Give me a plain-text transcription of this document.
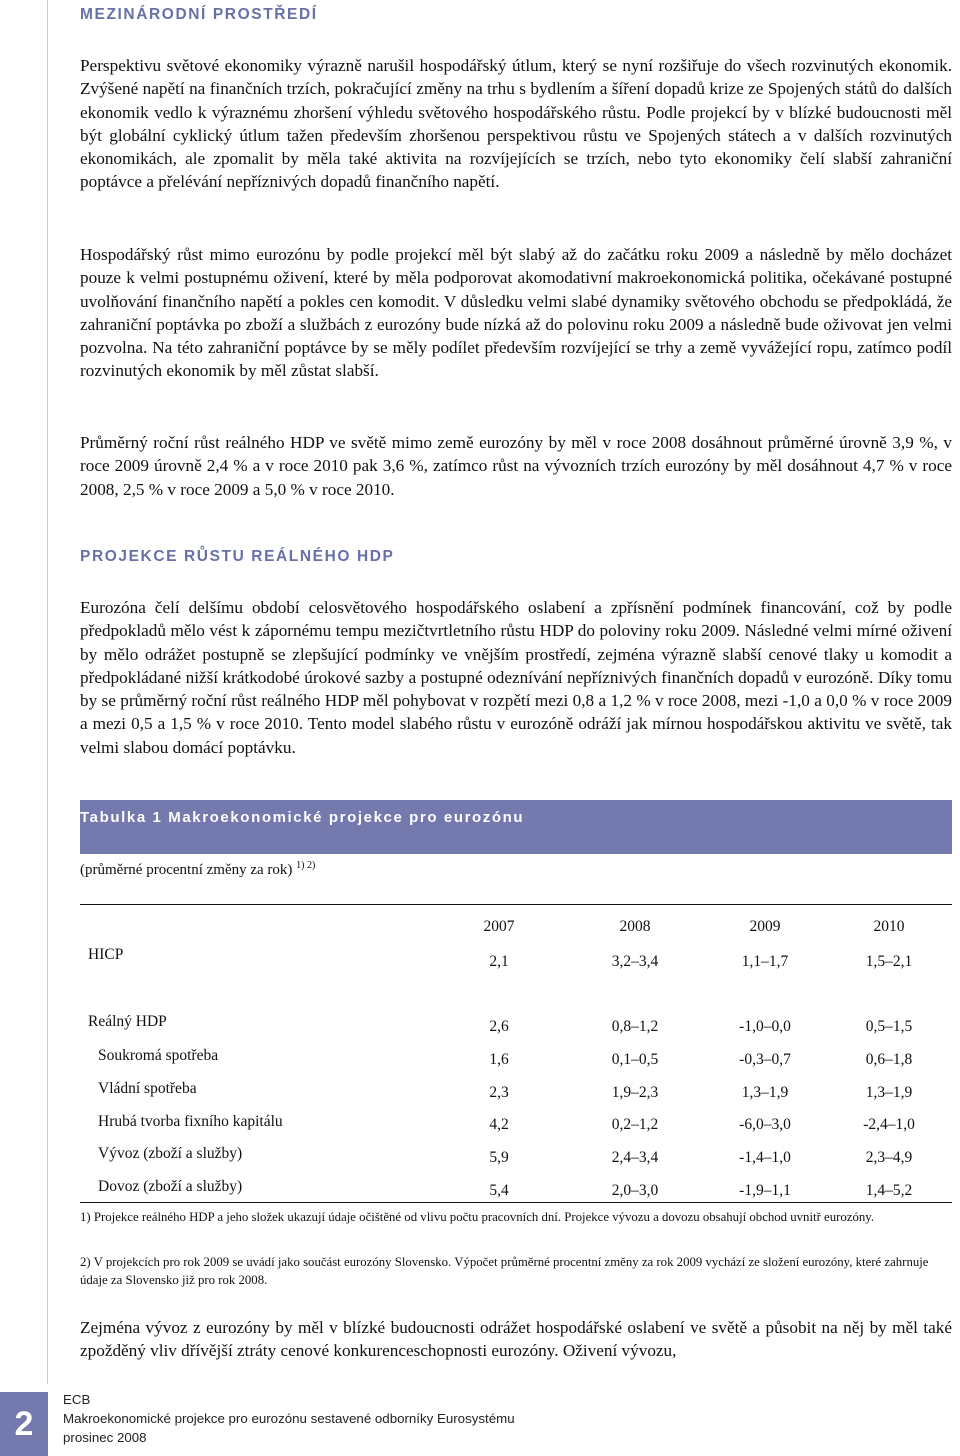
MEZINÁRODNÍ PROSTŘEDÍ

Perspektivu světové ekonomiky výrazně narušil hospodářský útlum, který se nyní rozšiřuje do všech rozvinutých ekonomik. Zvýšené napětí na finančních trzích, pokračující změny na trhu s bydlením a šíření dopadů krize ze Spojených států do dalších ekonomik vedlo k výraznému zhoršení výhledu světového hospodářského růstu. Podle projekcí by v blízké budoucnosti měl být globální cyklický útlum tažen především zhoršenou perspektivou růstu ve Spojených státech a v dalších rozvinutých ekonomikách, ale zpomalit by měla také aktivita na rozvíjejících se trzích, nebo tyto ekonomiky čelí slabší zahraniční poptávce a přelévání nepříznivých dopadů finančního napětí.

Hospodářský růst mimo eurozónu by podle projekcí měl být slabý až do začátku roku 2009 a následně by mělo docházet pouze k velmi postupnému oživení, které by měla podporovat akomodativní makroekonomická politika, očekávané postupné uvolňování finančního napětí a pokles cen komodit. V důsledku velmi slabé dynamiky světového obchodu se předpokládá, že zahraniční poptávka po zboží a službách z eurozóny bude nízká až do polovinu roku 2009 a následně bude oživovat jen velmi pozvolna. Na této zahraniční poptávce by se měly podílet především rozvíjející se trhy a země vyvážející ropu, zatímco podíl rozvinutých ekonomik by měl zůstat slabší.

Průměrný roční růst reálného HDP ve světě mimo země eurozóny by měl v roce 2008 dosáhnout průměrné úrovně 3,9 %, v roce 2009 úrovně 2,4 % a v roce 2010 pak 3,6 %, zatímco růst na vývozních trzích eurozóny by měl dosáhnout 4,7 % v roce 2008, 2,5 % v roce 2009 a 5,0 % v roce 2010.

PROJEKCE RŮSTU REÁLNÉHO HDP

Eurozóna čelí delšímu období celosvětového hospodářského oslabení a zpřísnění podmínek financování, což by podle předpokladů mělo vést k zápornému tempu mezičtvrtletního růstu HDP do poloviny roku 2009. Následné velmi mírné oživení by mělo odrážet postupně se zlepšující podmínky ve vnějším prostředí, zejména výrazně slabší cenové tlaky u komodit a předpokládané nižší krátkodobé úrokové sazby a postupné odeznívání nepříznivých finančních dopadů v eurozóně. Díky tomu by se průměrný roční růst reálného HDP měl pohybovat v rozpětí mezi 0,8 a 1,2 % v roce 2008, mezi -1,0 a 0,0 % v roce 2009 a mezi 0,5 a 1,5 % v roce 2010. Tento model slabého růstu v eurozóně odráží jak mírnou hospodářskou aktivitu ve světě, tak velmi slabou domácí poptávku.

Tabulka 1 Makroekonomické projekce pro eurozónu
(průměrné procentní změny za rok) $^{1) 2)}$
2007	2008	2009	2010
HICP	2,1	3,2–3,4	1,1–1,7	1,5–2,1
Reálný HDP	2,6	0,8–1,2	-1,0–0,0	0,5–1,5
Soukromá spotřeba	1,6	0,1–0,5	-0,3–0,7	0,6–1,8
Vládní spotřeba	2,3	1,9–2,3	1,3–1,9	1,3–1,9
Hrubá tvorba fixního kapitálu	4,2	0,2–1,2	-6,0–3,0	-2,4–1,0
Vývoz (zboží a služby)	5,9	2,4–3,4	-1,4–1,0	2,3–4,9
Dovoz (zboží a služby)	5,4	2,0–3,0	-1,9–1,1	1,4–5,2

1) Projekce reálného HDP a jeho složek ukazují údaje očištěné od vlivu počtu pracovních dní. Projekce vývozu a dovozu obsahují obchod uvnitř eurozóny.

2) V projekcích pro rok 2009 se uvádí jako součást eurozóny Slovensko. Výpočet průměrné procentní změny za rok 2009 vychází ze složení eurozóny, které zahrnuje údaje za Slovensko již pro rok 2008.

Zejména vývoz z eurozóny by měl v blízké budoucnosti odrážet hospodářské oslabení ve světě a působit na něj by měl také zpožděný vliv dřívější ztráty cenové konkurenceschopnosti eurozóny. Oživení vývozu,

2
ECB
Makroekonomické projekce pro eurozónu sestavené odborníky Eurosystému
prosinec 2008
